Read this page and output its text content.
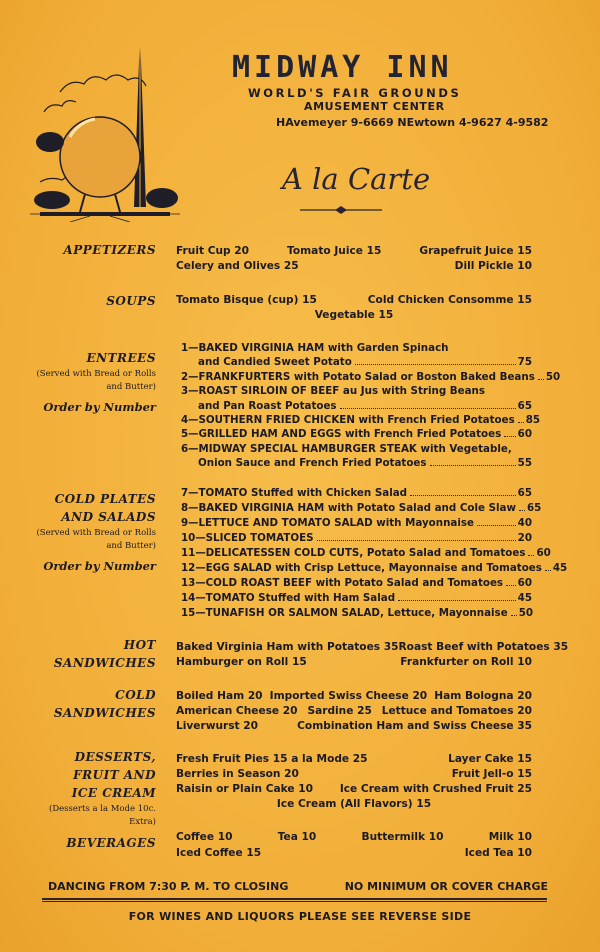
MIDWAY INN
WORLD'S FAIR GROUNDS
AMUSEMENT CENTER
HAvemeyer 9-6669 NEwtown 4-9627 4-9582
A la Carte
APPETIZERS Fruit Cup 20	Tomato Juice 15	Grapefruit Juice 15
Celery and Olives 25	Dill Pickle 10
SOUPS Tomato Bisque (cup) 15	Cold Chicken Consomme 15
Vegetable 15
ENTREES
(Served with Bread or Rolls and Butter)
Order by Number
1—BAKED VIRGINIA HAM with Garden Spinach
and Candied Sweet Potato	75
2—FRANKFURTERS with Potato Salad or Boston Baked Beans 50
3—ROAST SIRLOIN OF BEEF au Jus with String Beans
and Pan Roast Potatoes	65
4—SOUTHERN FRIED CHICKEN with French Fried Potatoes 85
5—GRILLED HAM AND EGGS with French Fried Potatoes 60
6—MIDWAY SPECIAL HAMBURGER STEAK with Vegetable,
Onion Sauce and French Fried Potatoes	55
COLD PLATES
AND SALADS
(Served with Bread or Rolls and Butter)
Order by Number
7—TOMATO Stuffed with Chicken Salad	65
8—BAKED VIRGINIA HAM with Potato Salad and Cole Slaw 65
9—LETTUCE AND TOMATO SALAD with Mayonnaise	40
10—SLICED TOMATOES	20
11—DELICATESSEN COLD CUTS, Potato Salad and Tomatoes 60
12—EGG SALAD with Crisp Lettuce, Mayonnaise and Tomatoes 45
13—COLD ROAST BEEF with Potato Salad and Tomatoes 60
14—TOMATO Stuffed with Ham Salad	45
15—TUNAFISH OR SALMON SALAD, Lettuce, Mayonnaise 50
HOT
SANDWICHES
Baked Virginia Ham with Potatoes 35 Roast Beef with Potatoes 35
Hamburger on Roll 15	Frankfurter on Roll 10
COLD
SANDWICHES
Boiled Ham 20 Imported Swiss Cheese 20 Ham Bologna 20
American Cheese 20 Sardine 25 Lettuce and Tomatoes 20
Liverwurst 20	Combination Ham and Swiss Cheese 35
DESSERTS,
FRUIT AND
ICE CREAM
(Desserts a la Mode 10c. Extra)
Fresh Fruit Pies 15 a la Mode 25	Layer Cake 15
Berries in Season 20	Fruit Jell-o 15
Raisin or Plain Cake 10	Ice Cream with Crushed Fruit 25
Ice Cream (All Flavors) 15
BEVERAGES Coffee 10	Tea 10	Buttermilk 10	Milk 10
Iced Coffee 15	Iced Tea 10
DANCING FROM 7:30 P. M. TO CLOSING	NO MINIMUM OR COVER CHARGE
FOR WINES AND LIQUORS PLEASE SEE REVERSE SIDE
